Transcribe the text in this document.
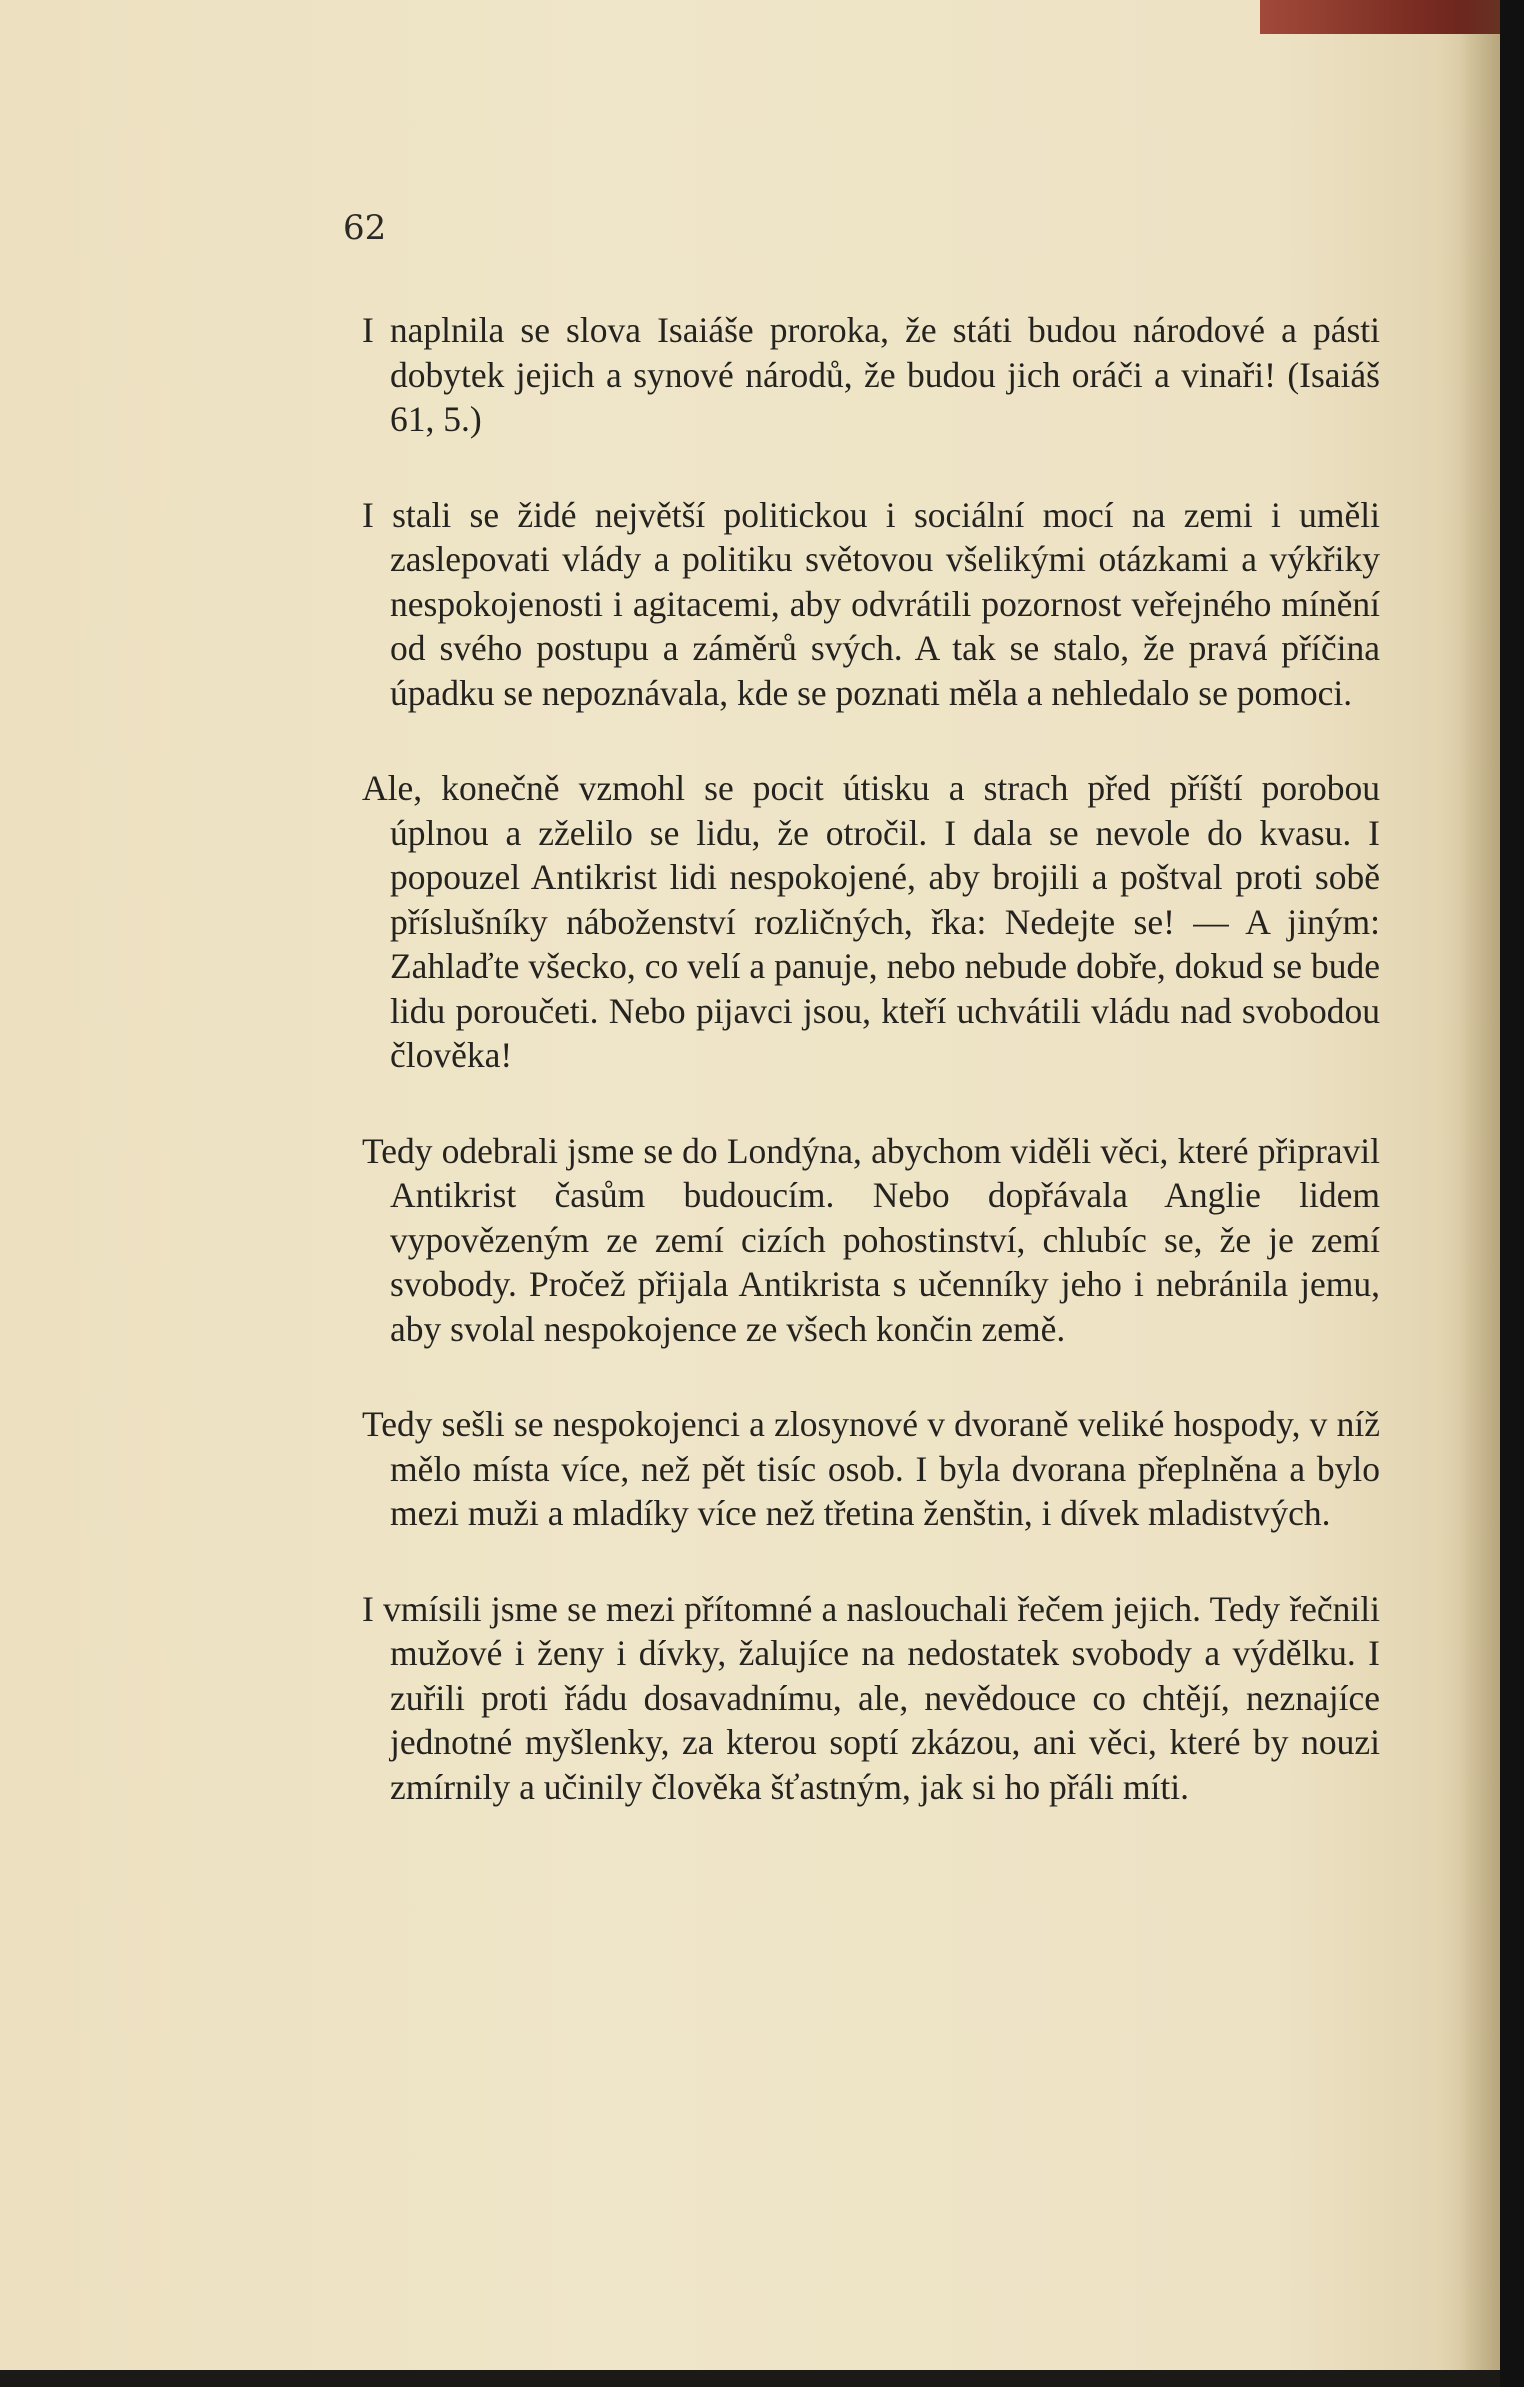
62

I naplnila se slova Isaiáše proroka, že státi budou národové a pásti dobytek jejich a synové národů, že budou jich oráči a vinaři! (Isaiáš 61, 5.)

I stali se židé největší politickou i sociální mocí na zemi i uměli zaslepovati vlády a politiku světovou všelikými otázkami a výkřiky nespokojenosti i agitacemi, aby odvrátili pozornost veřejného mínění od svého postupu a záměrů svých. A tak se stalo, že pravá příčina úpadku se nepoznávala, kde se poznati měla a nehledalo se pomoci.

Ale, konečně vzmohl se pocit útisku a strach před příští porobou úplnou a zželilo se lidu, že otročil. I dala se nevole do kvasu. I popouzel Antikrist lidi nespokojené, aby brojili a poštval proti sobě příslušníky náboženství rozličných, řka: Nedejte se! — A jiným: Zahlaďte všecko, co velí a panuje, nebo nebude dobře, dokud se bude lidu poroučeti. Nebo pijavci jsou, kteří uchvátili vládu nad svobodou člověka!

Tedy odebrali jsme se do Londýna, abychom viděli věci, které připravil Antikrist časům budoucím. Nebo dopřávala Anglie lidem vypovězeným ze zemí cizích pohostinství, chlubíc se, že je zemí svobody. Pročež přijala Antikrista s učenníky jeho i nebránila jemu, aby svolal nespokojence ze všech končin země.

Tedy sešli se nespokojenci a zlosynové v dvoraně veliké hospody, v níž mělo místa více, než pět tisíc osob. I byla dvorana přeplněna a bylo mezi muži a mladíky více než třetina ženštin, i dívek mladistvých.

I vmísili jsme se mezi přítomné a naslouchali řečem jejich. Tedy řečnili mužové i ženy i dívky, žalujíce na nedostatek svobody a výdělku. I zuřili proti řádu dosavadnímu, ale, nevědouce co chtějí, neznajíce jednotné myšlenky, za kterou soptí zkázou, ani věci, které by nouzi zmírnily a učinily člověka šťastným, jak si ho přáli míti.
